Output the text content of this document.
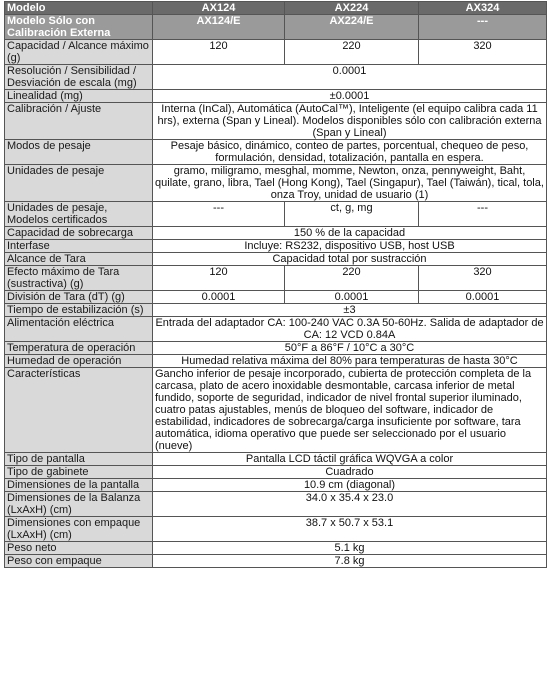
Modelo	AX124	AX224	AX324
Modelo Sólo con Calibración Externa	AX124/E	AX224/E	---
Capacidad / Alcance máximo (g)	120	220	320
Resolución / Sensibilidad / Desviación de escala (mg)	0.0001		
Linealidad (mg)	±0.0001		
Calibración / Ajuste	Interna (InCal), Automática (AutoCal™), Inteligente (el equipo calibra cada 11 hrs), externa (Span y Lineal). Modelos disponibles sólo con calibración externa (Span y Lineal)		
Modos de pesaje	Pesaje básico, dinámico, conteo de partes, porcentual, chequeo de peso, formulación, densidad, totalización, pantalla en espera.		
Unidades de pesaje	gramo, miligramo, mesghal, momme, Newton, onza, pennyweight, Baht, quilate, grano, libra, Tael (Hong Kong), Tael (Singapur), Tael (Taiwán), tical, tola, onza Troy, unidad de usuario (1)		
Unidades de pesaje, Modelos certificados	---	ct, g, mg	---
Capacidad de sobrecarga	150 % de la capacidad		
Interfase	Incluye: RS232, dispositivo USB, host USB		
Alcance de Tara	Capacidad total por sustracción		
Efecto máximo de Tara (sustractiva) (g)	120	220	320
División de Tara (dT) (g)	0.0001	0.0001	0.0001
Tiempo de estabilización (s)	±3		
Alimentación eléctrica	Entrada del adaptador CA: 100-240 VAC 0.3A 50-60Hz. Salida de adaptador de CA: 12 VCD 0.84A		
Temperatura de operación	50°F a 86°F / 10°C a 30°C		
Humedad de operación	Humedad relativa máxima del 80% para temperaturas de hasta 30°C		
Características	Gancho inferior de pesaje incorporado, cubierta de protección completa de la carcasa, plato de acero inoxidable desmontable, carcasa inferior de metal fundido, soporte de seguridad, indicador de nivel frontal superior iluminado, cuatro patas ajustables, menús de bloqueo del software, indicador de estabilidad, indicadores de sobrecarga/carga insuficiente por software, tara automática, idioma operativo que puede ser seleccionado por el usuario (nueve)		
Tipo de pantalla	Pantalla LCD táctil gráfica WQVGA a color		
Tipo de gabinete	Cuadrado		
Dimensiones de la pantalla	10.9 cm (diagonal)		
Dimensiones de la Balanza (LxAxH) (cm)	34.0 x 35.4 x 23.0		
Dimensiones con empaque (LxAxH) (cm)	38.7 x 50.7 x 53.1		
Peso neto	5.1 kg		
Peso con empaque	7.8 kg		
